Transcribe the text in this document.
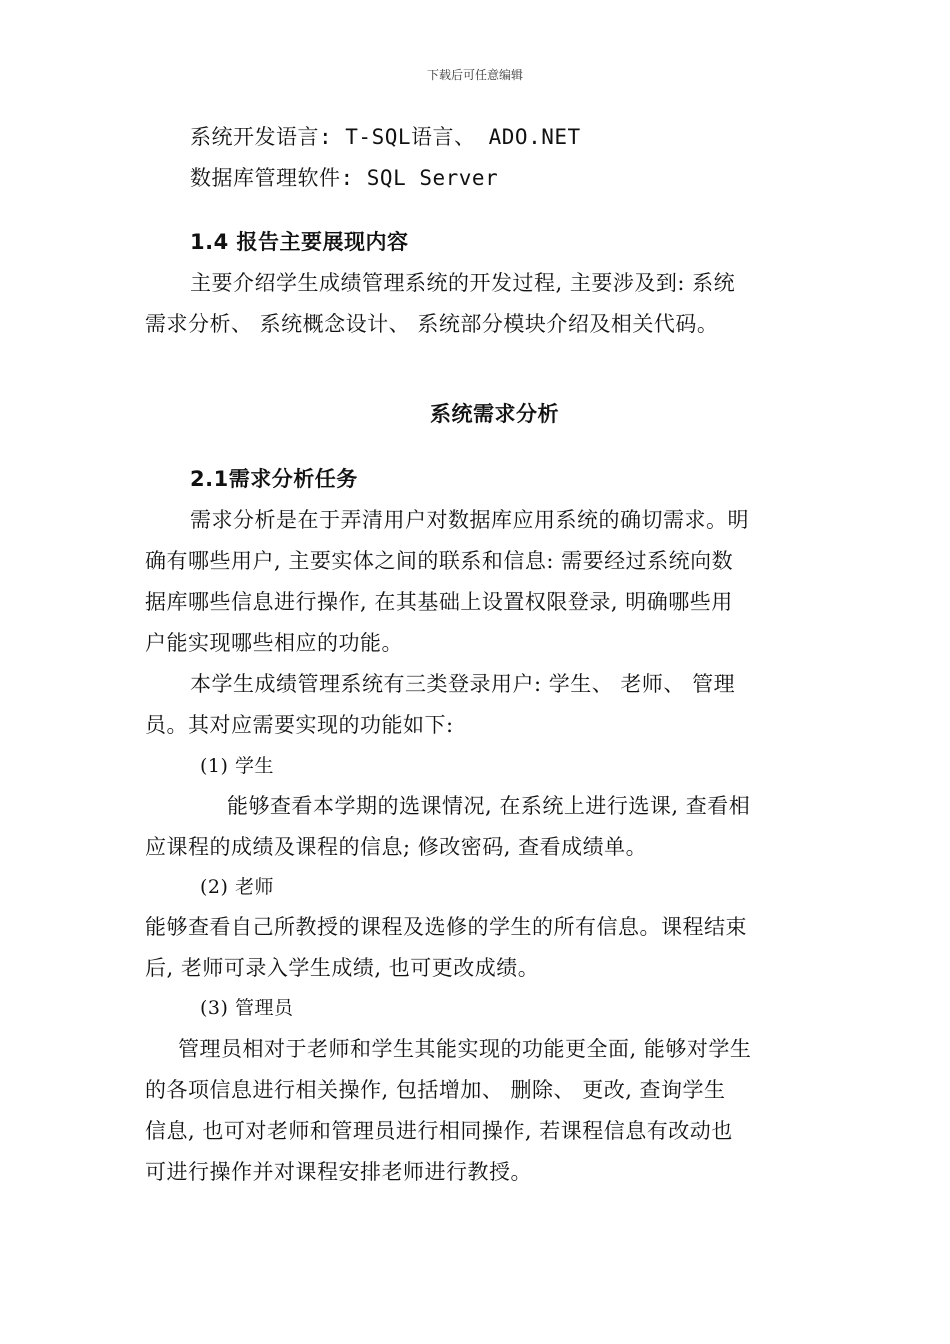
下载后可任意编辑
系统开发语言: T-SQL语言、 ADO.NET
数据库管理软件: SQL Server
1.4 报告主要展现内容
主要介绍学生成绩管理系统的开发过程, 主要涉及到: 系统
需求分析、 系统概念设计、 系统部分模块介绍及相关代码。
系统需求分析
2.1需求分析任务
需求分析是在于弄清用户对数据库应用系统的确切需求。明
确有哪些用户, 主要实体之间的联系和信息: 需要经过系统向数
据库哪些信息进行操作, 在其基础上设置权限登录, 明确哪些用
户能实现哪些相应的功能。
本学生成绩管理系统有三类登录用户: 学生、 老师、 管理
员。其对应需要实现的功能如下:
(1) 学生
能够查看本学期的选课情况, 在系统上进行选课, 查看相
应课程的成绩及课程的信息; 修改密码, 查看成绩单。
(2) 老师
能够查看自己所教授的课程及选修的学生的所有信息。课程结束
后, 老师可录入学生成绩, 也可更改成绩。
(3) 管理员
管理员相对于老师和学生其能实现的功能更全面, 能够对学生
的各项信息进行相关操作, 包括增加、 删除、 更改, 查询学生
信息, 也可对老师和管理员进行相同操作, 若课程信息有改动也
可进行操作并对课程安排老师进行教授。
